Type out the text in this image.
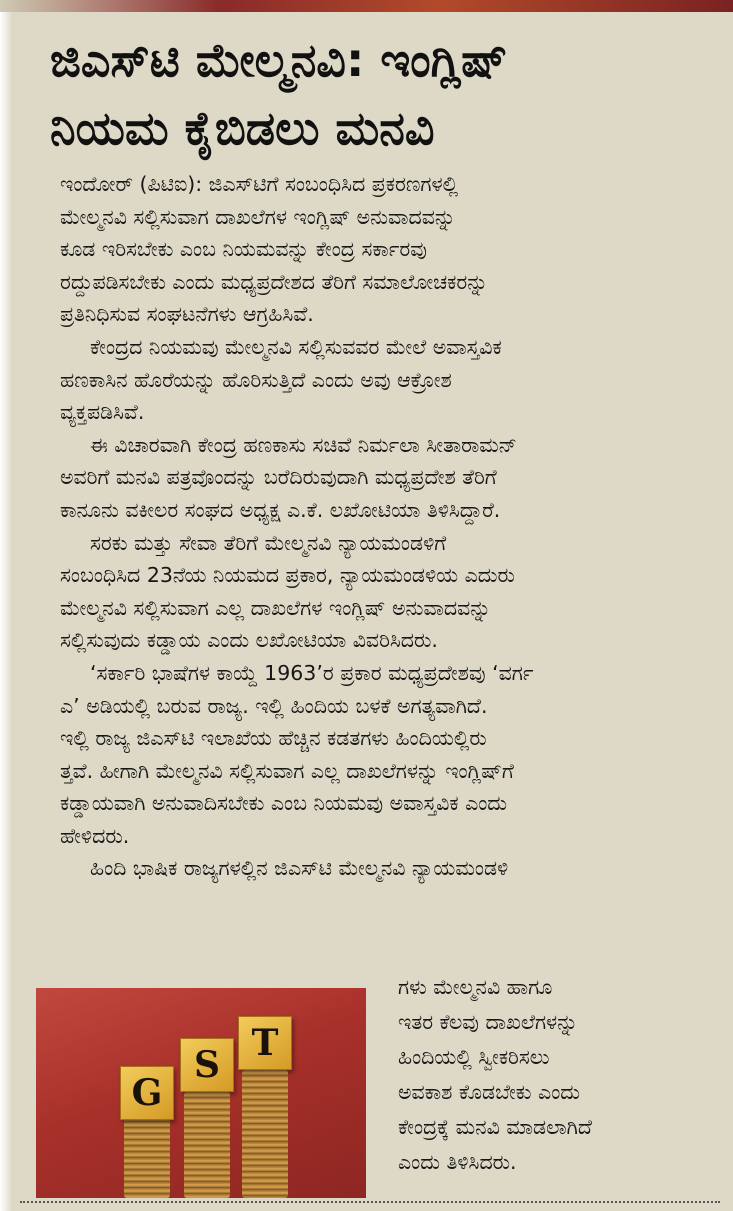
ಜಿಎಸ್‌ಟಿ ಮೇಲ್ಮನವಿ: ಇಂಗ್ಲಿಷ್
ನಿಯಮ ಕೈಬಿಡಲು ಮನವಿ

ಇಂದೋರ್ (ಪಿಟಿಐ): ಜಿಎಸ್‌ಟಿಗೆ ಸಂಬಂಧಿಸಿದ ಪ್ರಕರಣಗಳಲ್ಲಿ
ಮೇಲ್ಮನವಿ ಸಲ್ಲಿಸುವಾಗ ದಾಖಲೆಗಳ ಇಂಗ್ಲಿಷ್ ಅನುವಾದವನ್ನು
ಕೂಡ ಇರಿಸಬೇಕು ಎಂಬ ನಿಯಮವನ್ನು ಕೇಂದ್ರ ಸರ್ಕಾರವು
ರದ್ದುಪಡಿಸಬೇಕು ಎಂದು ಮಧ್ಯಪ್ರದೇಶದ ತೆರಿಗೆ ಸಮಾಲೋಚಕರನ್ನು
ಪ್ರತಿನಿಧಿಸುವ ಸಂಘಟನೆಗಳು ಆಗ್ರಹಿಸಿವೆ.

ಕೇಂದ್ರದ ನಿಯಮವು ಮೇಲ್ಮನವಿ ಸಲ್ಲಿಸುವವರ ಮೇಲೆ ಅವಾಸ್ತವಿಕ
ಹಣಕಾಸಿನ ಹೊರೆಯನ್ನು ಹೊರಿಸುತ್ತಿದೆ ಎಂದು ಅವು ಆಕ್ರೋಶ
ವ್ಯಕ್ತಪಡಿಸಿವೆ.

ಈ ವಿಚಾರವಾಗಿ ಕೇಂದ್ರ ಹಣಕಾಸು ಸಚಿವೆ ನಿರ್ಮಲಾ ಸೀತಾರಾಮನ್
ಅವರಿಗೆ ಮನವಿ ಪತ್ರವೊಂದನ್ನು ಬರೆದಿರುವುದಾಗಿ ಮಧ್ಯಪ್ರದೇಶ ತೆರಿಗೆ
ಕಾನೂನು ವಕೀಲರ ಸಂಘದ ಅಧ್ಯಕ್ಷ ಎ.ಕೆ. ಲಖೋಟಿಯಾ ತಿಳಿಸಿದ್ದಾರೆ.

ಸರಕು ಮತ್ತು ಸೇವಾ ತೆರಿಗೆ ಮೇಲ್ಮನವಿ ನ್ಯಾಯಮಂಡಳಿಗೆ
ಸಂಬಂಧಿಸಿದ 23ನೆಯ ನಿಯಮದ ಪ್ರಕಾರ, ನ್ಯಾಯಮಂಡಳಿಯ ಎದುರು
ಮೇಲ್ಮನವಿ ಸಲ್ಲಿಸುವಾಗ ಎಲ್ಲ ದಾಖಲೆಗಳ ಇಂಗ್ಲಿಷ್ ಅನುವಾದವನ್ನು
ಸಲ್ಲಿಸುವುದು ಕಡ್ಡಾಯ ಎಂದು ಲಖೋಟಿಯಾ ವಿವರಿಸಿದರು.

‘ಸರ್ಕಾರಿ ಭಾಷೆಗಳ ಕಾಯ್ದೆ 1963’ರ ಪ್ರಕಾರ ಮಧ್ಯಪ್ರದೇಶವು ‘ವರ್ಗ
ಎ’ ಅಡಿಯಲ್ಲಿ ಬರುವ ರಾಜ್ಯ. ಇಲ್ಲಿ ಹಿಂದಿಯ ಬಳಕೆ ಅಗತ್ಯವಾಗಿದೆ.
ಇಲ್ಲಿ ರಾಜ್ಯ ಜಿಎಸ್‌ಟಿ ಇಲಾಖೆಯ ಹೆಚ್ಚಿನ ಕಡತಗಳು ಹಿಂದಿಯಲ್ಲಿರು
ತ್ತವೆ. ಹೀಗಾಗಿ ಮೇಲ್ಮನವಿ ಸಲ್ಲಿಸುವಾಗ ಎಲ್ಲ ದಾಖಲೆಗಳನ್ನು ಇಂಗ್ಲಿಷ್‌ಗೆ
ಕಡ್ಡಾಯವಾಗಿ ಅನುವಾದಿಸಬೇಕು ಎಂಬ ನಿಯಮವು ಅವಾಸ್ತವಿಕ ಎಂದು
ಹೇಳಿದರು.

ಹಿಂದಿ ಭಾಷಿಕ ರಾಜ್ಯಗಳಲ್ಲಿನ ಜಿಎಸ್‌ಟಿ ಮೇಲ್ಮನವಿ ನ್ಯಾಯಮಂಡಳಿ

G
S
T
ಗಳು ಮೇಲ್ಮನವಿ ಹಾಗೂ
ಇತರ ಕೆಲವು ದಾಖಲೆಗಳನ್ನು
ಹಿಂದಿಯಲ್ಲಿ ಸ್ವೀಕರಿಸಲು
ಅವಕಾಶ ಕೊಡಬೇಕು ಎಂದು
ಕೇಂದ್ರಕ್ಕೆ ಮನವಿ ಮಾಡಲಾಗಿದೆ
ಎಂದು ತಿಳಿಸಿದರು.
